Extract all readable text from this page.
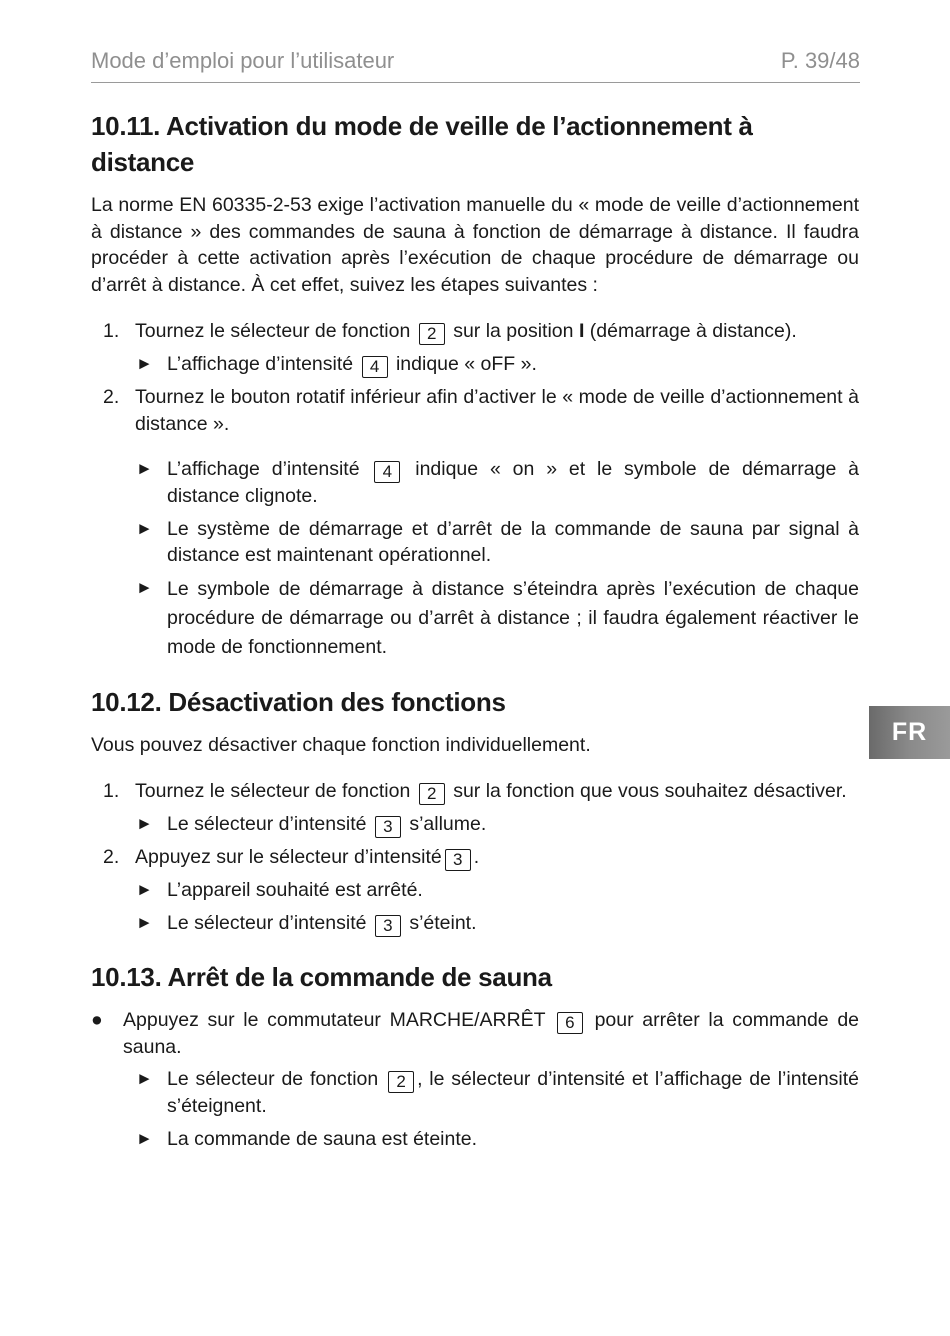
Mode d’emploi pour l’utilisateur	P. 39/48
FR
10.11. Activation du mode de veille de l’actionnement à distance

La norme EN 60335-2-53 exige l’activation manuelle du « mode de veille d’actionnement à distance » des commandes de sauna à fonction de démarrage à distance. Il faudra procéder à cette activation après l’exécution de chaque procédure de démarrage ou d’arrêt à distance. À cet effet, suivez les étapes suivantes :

1. Tournez le sélecteur de fonction 2 sur la position I (démarrage à distance).
► L’affichage d’intensité 4 indique « oFF ».
2. Tournez le bouton rotatif inférieur afin d’activer le « mode de veille d’actionnement à distance ».
► L’affichage d’intensité 4 indique « on » et le symbole de démarrage à distance clignote.
► Le système de démarrage et d’arrêt de la commande de sauna par signal à distance est maintenant opérationnel.
► Le symbole de démarrage à distance s’éteindra après l’exécution de chaque procédure de démarrage ou d’arrêt à distance ; il faudra également réactiver le mode de fonctionnement.
10.12. Désactivation des fonctions

Vous pouvez désactiver chaque fonction individuellement.

1. Tournez le sélecteur de fonction 2 sur la fonction que vous souhaitez désactiver.
► Le sélecteur d’intensité 3 s’allume.
2. Appuyez sur le sélecteur d’intensité 3 .
► L’appareil souhaité est arrêté.
► Le sélecteur d’intensité 3 s’éteint.
10.13. Arrêt de la commande de sauna
●	Appuyez sur le commutateur MARCHE/ARRÊT 6 pour arrêter la commande de sauna.
► Le sélecteur de fonction 2 , le sélecteur d’intensité et l’affichage de l’intensité s’éteignent.
► La commande de sauna est éteinte.
